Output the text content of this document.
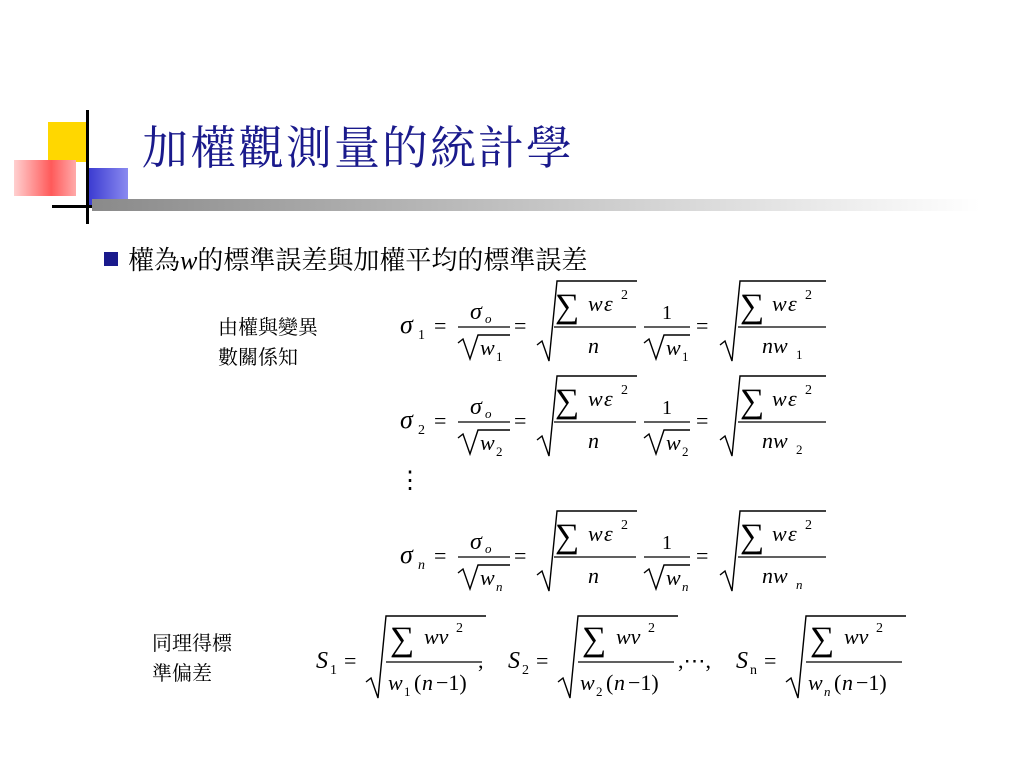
加權觀測量的統計學
權為w的標準誤差與加權平均的標準誤差
由權與變異
數關係知
同理得標
準偏差
σ 1 =
σ o
w 1
=
∑ w ε 2
n
1
w 1
=
∑ w ε 2
nw 1
σ 2 =
σ o
w 2
=
∑ w ε 2
n
1
w 2
=
∑ w ε 2
nw 2
σ n =
σ o
w n
=
∑ w ε 2
n
1
w n
=
∑ w ε 2
nw n
⋮
S 1 =
∑ wv 2
w 1 ( n −1)
S 2 =
∑ wv 2
w 2 ( n −1)
S n =
∑ wv 2
w n ( n −1)
,	,⋯,
